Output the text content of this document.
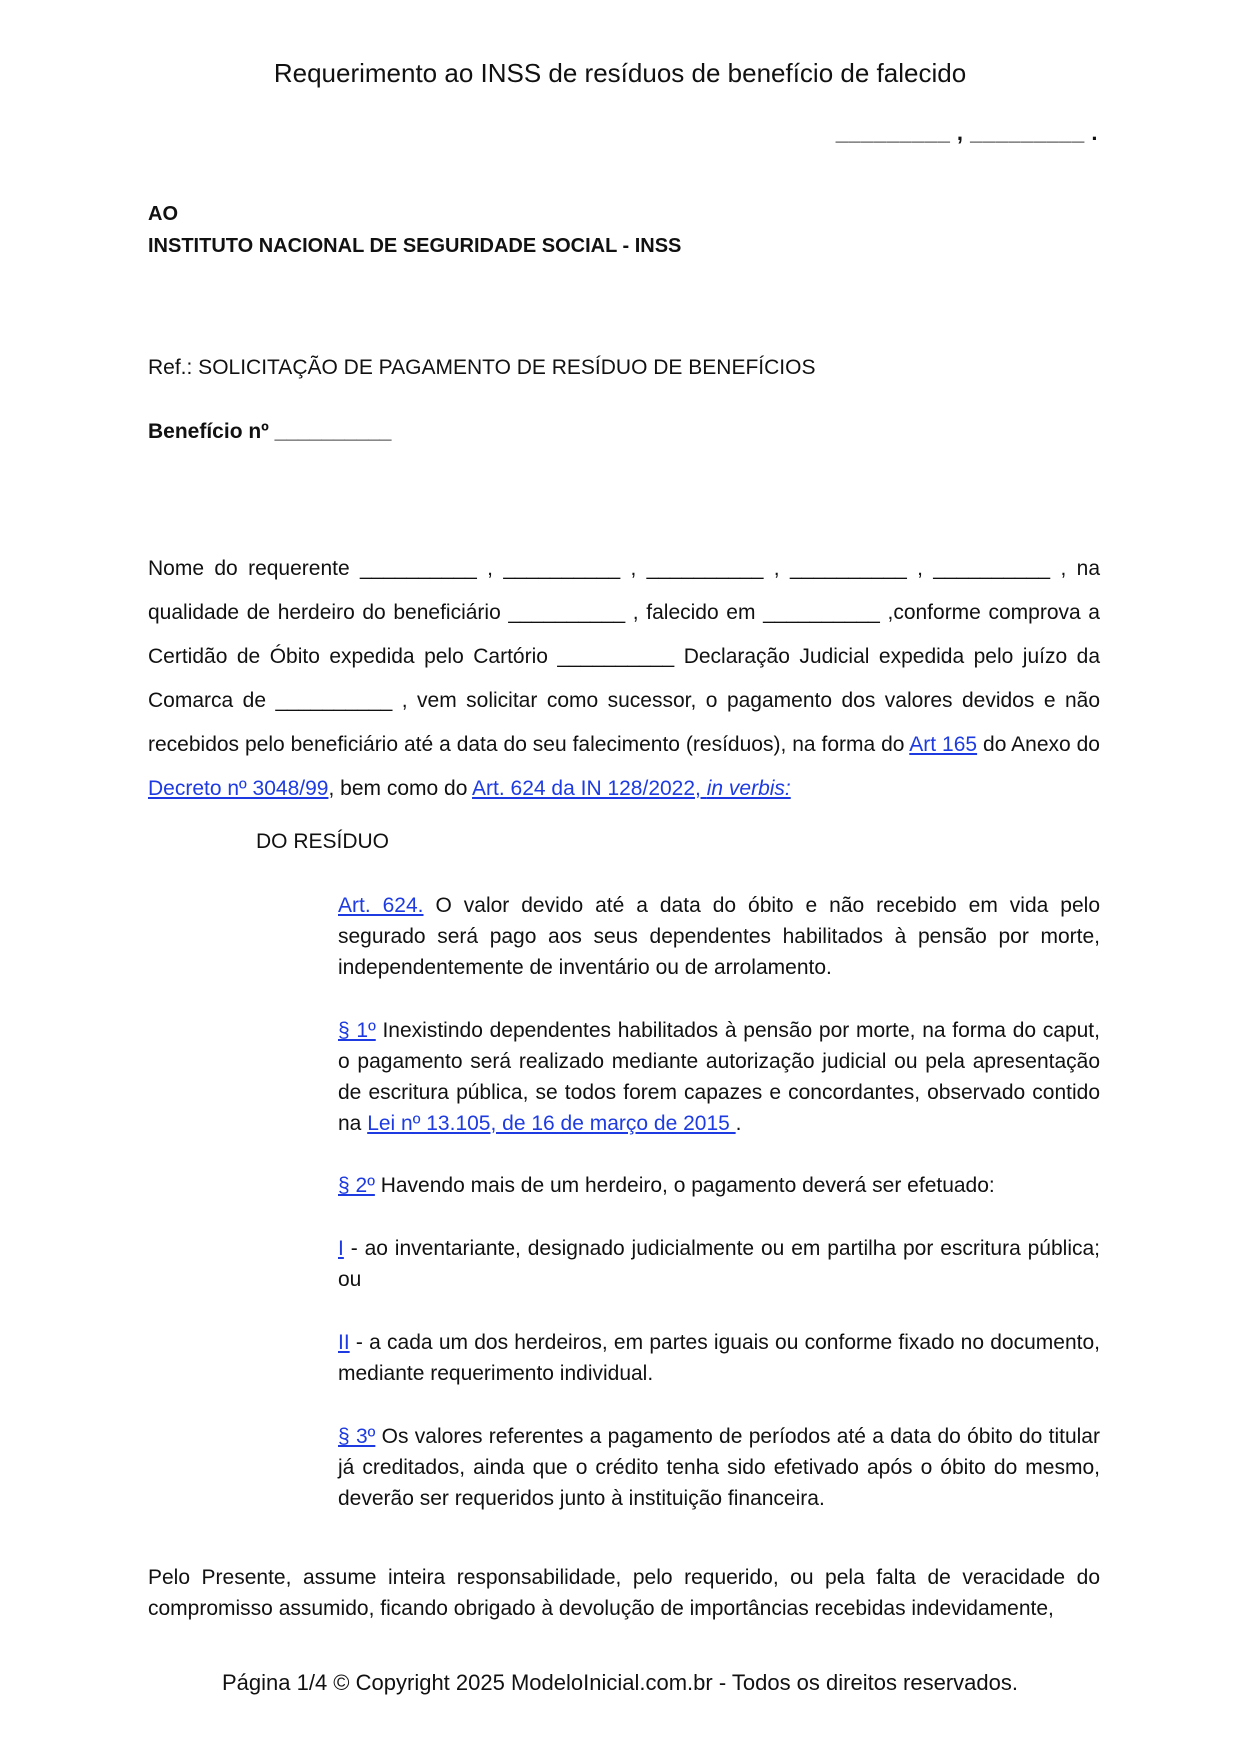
Requerimento ao INSS de resíduos de benefício de falecido
_________ , _________ .
AO
INSTITUTO NACIONAL DE SEGURIDADE SOCIAL - INSS
Ref.: SOLICITAÇÃO DE PAGAMENTO DE RESÍDUO DE BENEFÍCIOS
Benefício nº __________

Nome do requerente __________ , __________ , __________ , __________ , __________ , na qualidade de herdeiro do beneficiário __________ , falecido em __________ ,conforme comprova a Certidão de Óbito expedida pelo Cartório __________ Declaração Judicial expedida pelo juízo da Comarca de __________ , vem solicitar como sucessor, o pagamento dos valores devidos e não recebidos pelo beneficiário até a data do seu falecimento (resíduos), na forma do Art 165 do Anexo do Decreto nº 3048/99, bem como do Art. 624 da IN 128/2022, in verbis:

DO RESÍDUO

Art. 624. O valor devido até a data do óbito e não recebido em vida pelo segurado será pago aos seus dependentes habilitados à pensão por morte, independentemente de inventário ou de arrolamento.

§ 1º Inexistindo dependentes habilitados à pensão por morte, na forma do caput, o pagamento será realizado mediante autorização judicial ou pela apresentação de escritura pública, se todos forem capazes e concordantes, observado contido na Lei nº 13.105, de 16 de março de 2015 .

§ 2º Havendo mais de um herdeiro, o pagamento deverá ser efetuado:

I - ao inventariante, designado judicialmente ou em partilha por escritura pública; ou

II - a cada um dos herdeiros, em partes iguais ou conforme fixado no documento, mediante requerimento individual.

§ 3º Os valores referentes a pagamento de períodos até a data do óbito do titular já creditados, ainda que o crédito tenha sido efetivado após o óbito do mesmo, deverão ser requeridos junto à instituição financeira.

Pelo Presente, assume inteira responsabilidade, pelo requerido, ou pela falta de veracidade do compromisso assumido, ficando obrigado à devolução de importâncias recebidas indevidamente,

Página 1/4 © Copyright 2025 ModeloInicial.com.br - Todos os direitos reservados.
